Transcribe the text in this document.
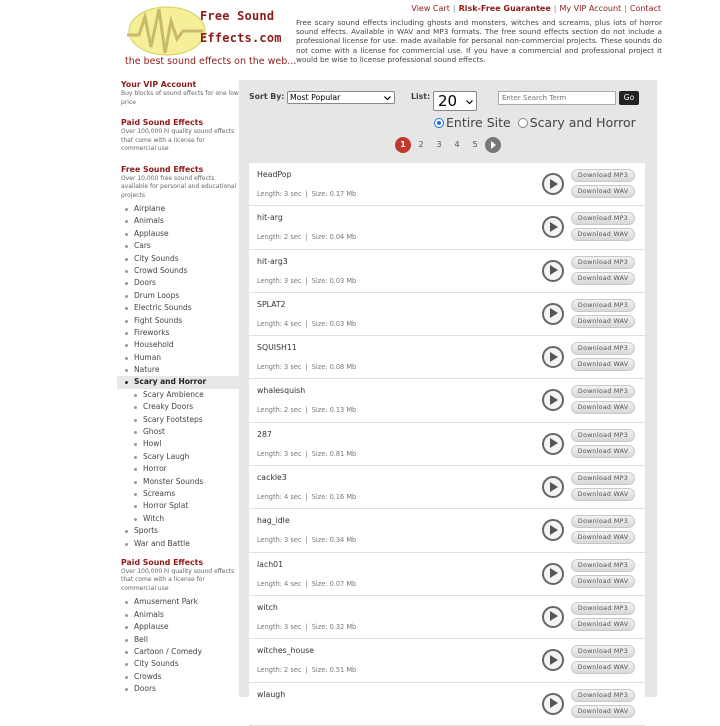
Free Sound
Effects.com
the best sound effects on the web...
View Cart | Risk-Free Guarantee | My VIP Account | Contact
Free scary sound effects including ghosts and monsters, witches and screams, plus lots of horror sound effects. Available in WAV and MP3 formats. The free sound effects section do not include a professional license for use. made available for personal non-commercial projects. These sounds do not come with a license for commercial use. If you have a commercial and professional project it would be wise to license professional sound effects.
Your VIP Account
Buy blocks of sound effects for one low price
Paid Sound Effects
Over 100,000 hi quality sound effects that come with a license for commercial use
Free Sound Effects
Over 10,000 free sound effects available for personal and educational projects
Airplane
Animals
Applause
Cars
City Sounds
Crowd Sounds
Doors
Drum Loops
Electric Sounds
Fight Sounds
Fireworks
Household
Human
Nature
Scary and Horror
Scary Ambience
Creaky Doors
Scary Footsteps
Ghost
Howl
Scary Laugh
Horror
Monster Sounds
Screams
Horror Splat
Witch
Sports
War and Battle
Paid Sound Effects
Over 100,000 hi quality sound effects that come with a license for commercial use
Amusement Park
Animals
Applause
Bell
Cartoon / Comedy
City Sounds
Crowds
Doors
Sort By: Most Popular	List: 20	Enter Search Term	Go
Entire Site Scary and Horror
1	2	3	4	5
HeadPop
Length: 3 sec | Size: 0.17 Mb
Download MP3
Download WAV
hit-arg
Length: 2 sec | Size: 0.04 Mb
Download MP3
Download WAV
hit-arg3
Length: 3 sec | Size: 0.03 Mb
Download MP3
Download WAV
SPLAT2
Length: 4 sec | Size: 0.03 Mb
Download MP3
Download WAV
SQUISH11
Length: 3 sec | Size: 0.08 Mb
Download MP3
Download WAV
whalesquish
Length: 2 sec | Size: 0.13 Mb
Download MP3
Download WAV
287
Length: 3 sec | Size: 0.81 Mb
Download MP3
Download WAV
cackle3
Length: 4 sec | Size: 0.16 Mb
Download MP3
Download WAV
hag_idle
Length: 3 sec | Size: 0.34 Mb
Download MP3
Download WAV
lach01
Length: 4 sec | Size: 0.07 Mb
Download MP3
Download WAV
witch
Length: 3 sec | Size: 0.32 Mb
Download MP3
Download WAV
witches_house
Length: 2 sec | Size: 0.51 Mb
Download MP3
Download WAV
wlaugh	Download MP3
Download WAV
